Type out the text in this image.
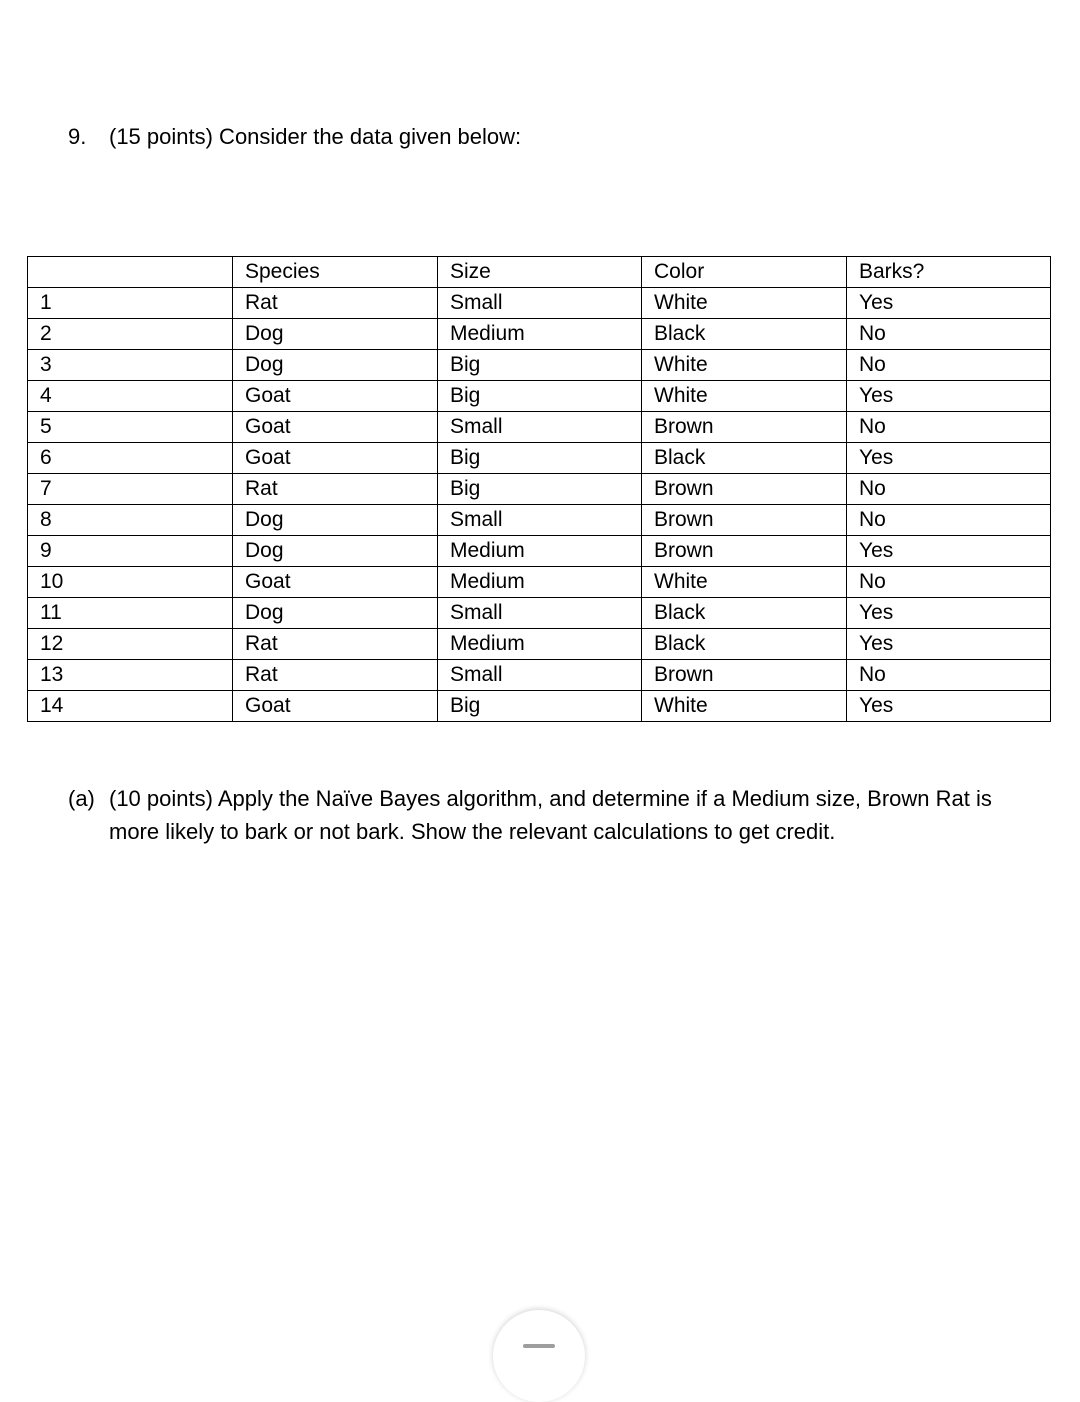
9. (15 points) Consider the data given below:
	Species	Size	Color	Barks?
1	Rat	Small	White	Yes
2	Dog	Medium	Black	No
3	Dog	Big	White	No
4	Goat	Big	White	Yes
5	Goat	Small	Brown	No
6	Goat	Big	Black	Yes
7	Rat	Big	Brown	No
8	Dog	Small	Brown	No
9	Dog	Medium	Brown	Yes
10	Goat	Medium	White	No
11	Dog	Small	Black	Yes
12	Rat	Medium	Black	Yes
13	Rat	Small	Brown	No
14	Goat	Big	White	Yes
(a) (10 points) Apply the Naïve Bayes algorithm, and determine if a Medium size, Brown Rat is more likely to bark or not bark. Show the relevant calculations to get credit.
